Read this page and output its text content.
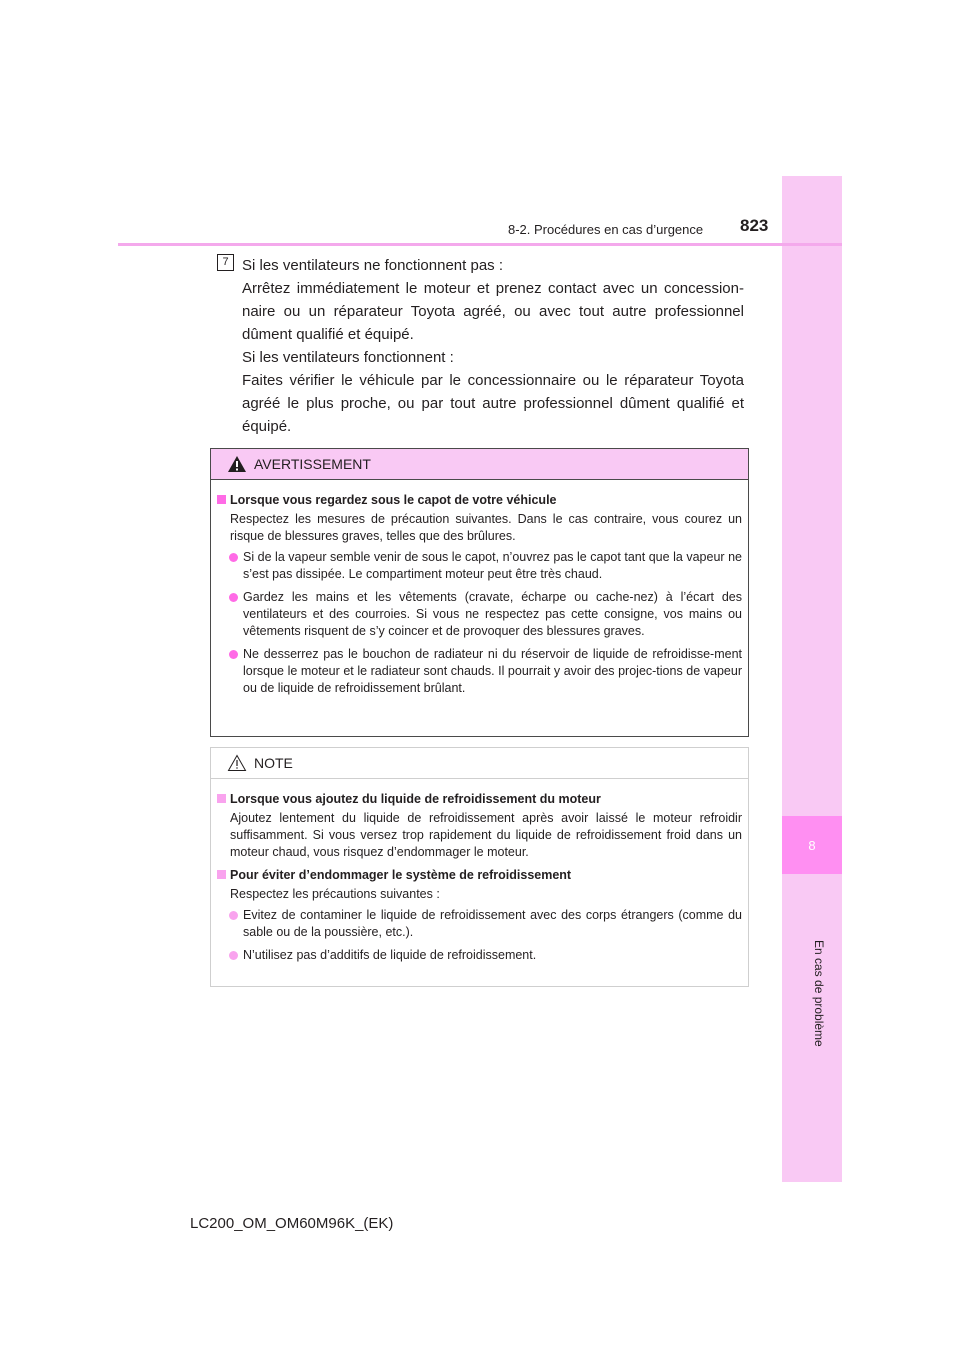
8
En cas de problème
8-2. Procédures en cas d’urgence 823
7 Si les ventilateurs ne fonctionnent pas :
Arrêtez immédiatement le moteur et prenez contact avec un concession-naire ou un réparateur Toyota agréé, ou avec tout autre professionnel dûment qualifié et équipé.
Si les ventilateurs fonctionnent :
Faites vérifier le véhicule par le concessionnaire ou le réparateur Toyota agréé le plus proche, ou par tout autre professionnel dûment qualifié et équipé.
AVERTISSEMENT
Lorsque vous regardez sous le capot de votre véhicule
Respectez les mesures de précaution suivantes. Dans le cas contraire, vous courez un risque de blessures graves, telles que des brûlures.
Si de la vapeur semble venir de sous le capot, n’ouvrez pas le capot tant que la vapeur ne s’est pas dissipée. Le compartiment moteur peut être très chaud.
Gardez les mains et les vêtements (cravate, écharpe ou cache-nez) à l’écart des ventilateurs et des courroies. Si vous ne respectez pas cette consigne, vos mains ou vêtements risquent de s’y coincer et de provoquer des blessures graves.
Ne desserrez pas le bouchon de radiateur ni du réservoir de liquide de refroidisse-ment lorsque le moteur et le radiateur sont chauds. Il pourrait y avoir des projec-tions de vapeur ou de liquide de refroidissement brûlant.
NOTE
Lorsque vous ajoutez du liquide de refroidissement du moteur
Ajoutez lentement du liquide de refroidissement après avoir laissé le moteur refroidir suffisamment. Si vous versez trop rapidement du liquide de refroidissement froid dans un moteur chaud, vous risquez d’endommager le moteur.
Pour éviter d’endommager le système de refroidissement
Respectez les précautions suivantes :
Evitez de contaminer le liquide de refroidissement avec des corps étrangers (comme du sable ou de la poussière, etc.).
N’utilisez pas d’additifs de liquide de refroidissement.
LC200_OM_OM60M96K_(EK)
